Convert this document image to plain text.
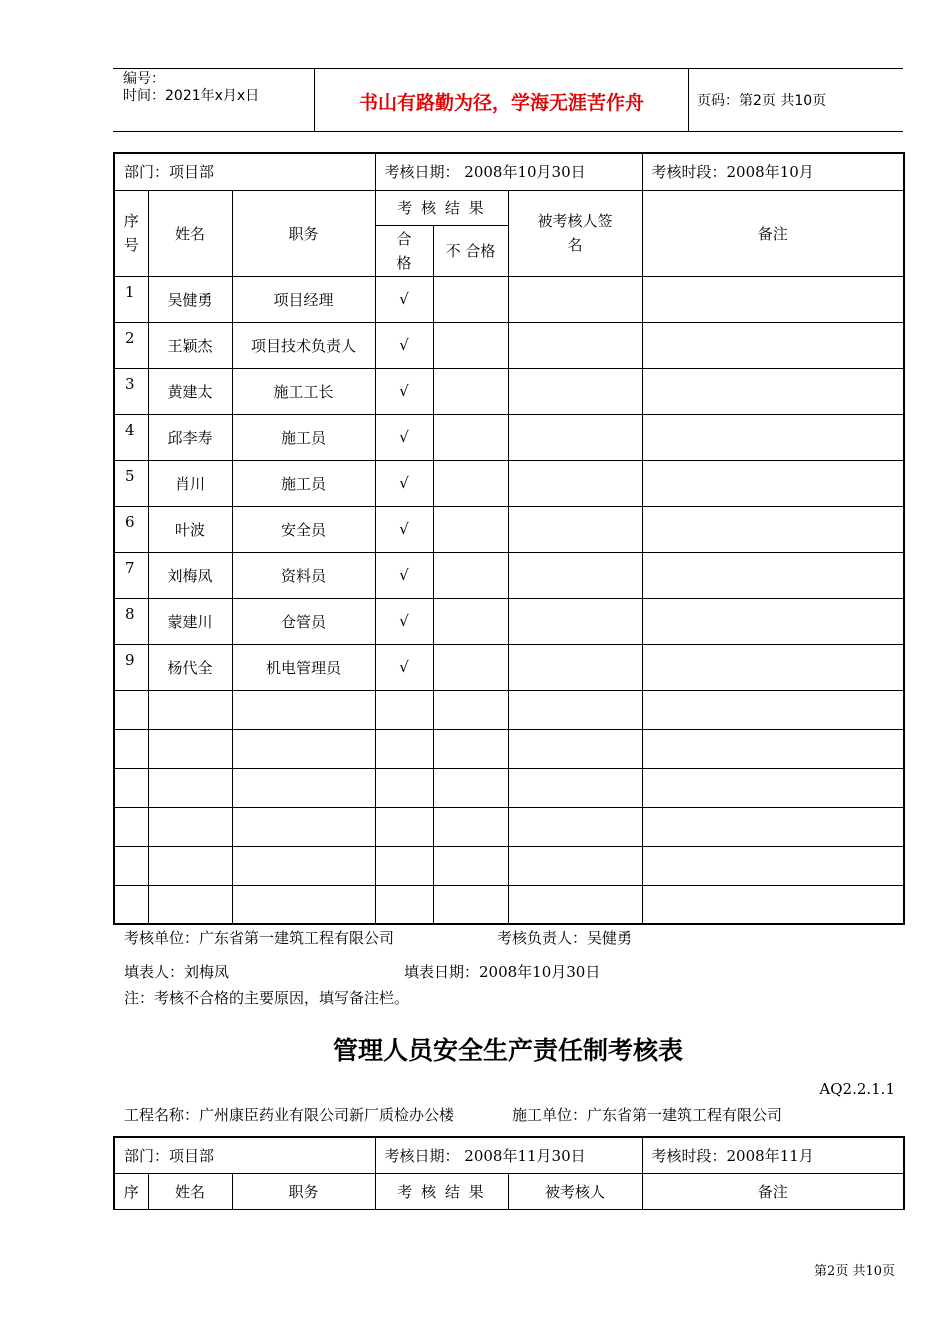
编号：
时间：2021年x月x日	书山有路勤为径，学海无涯苦作舟	页码：第2页 共10页
部门：项目部			考核日期： 2008年10月30日			考核时段：2008年10月

序号	姓名	职务	考 核 结 果		被考核人签 名	备注

			合格	不 合格		

1	吴健勇	项目经理	√			
2	王颖杰	项目技术负责人	√			
3	黄建太	施工工长	√			
4	邱李寿	施工员	√			
5	肖川	施工员	√			
6	叶波	安全员	√			
7	刘梅凤	资料员	√			
8	蒙建川	仓管员	√			
9	杨代全	机电管理员	√			

考核单位：广东省第一建筑工程有限公司	考核负责人：吴健勇
填表人：刘梅凤	填表日期：2008年10月30日
注：考核不合格的主要原因，填写备注栏。
管理人员安全生产责任制考核表
AQ2.2.1.1
工程名称：广州康臣药业有限公司新厂质检办公楼	施工单位：广东省第一建筑工程有限公司
部门：项目部			考核日期： 2008年11月30日		考核时段：2008年11月
序	姓名	职务	考 核 结 果	被考核人	备注
第2页 共10页
